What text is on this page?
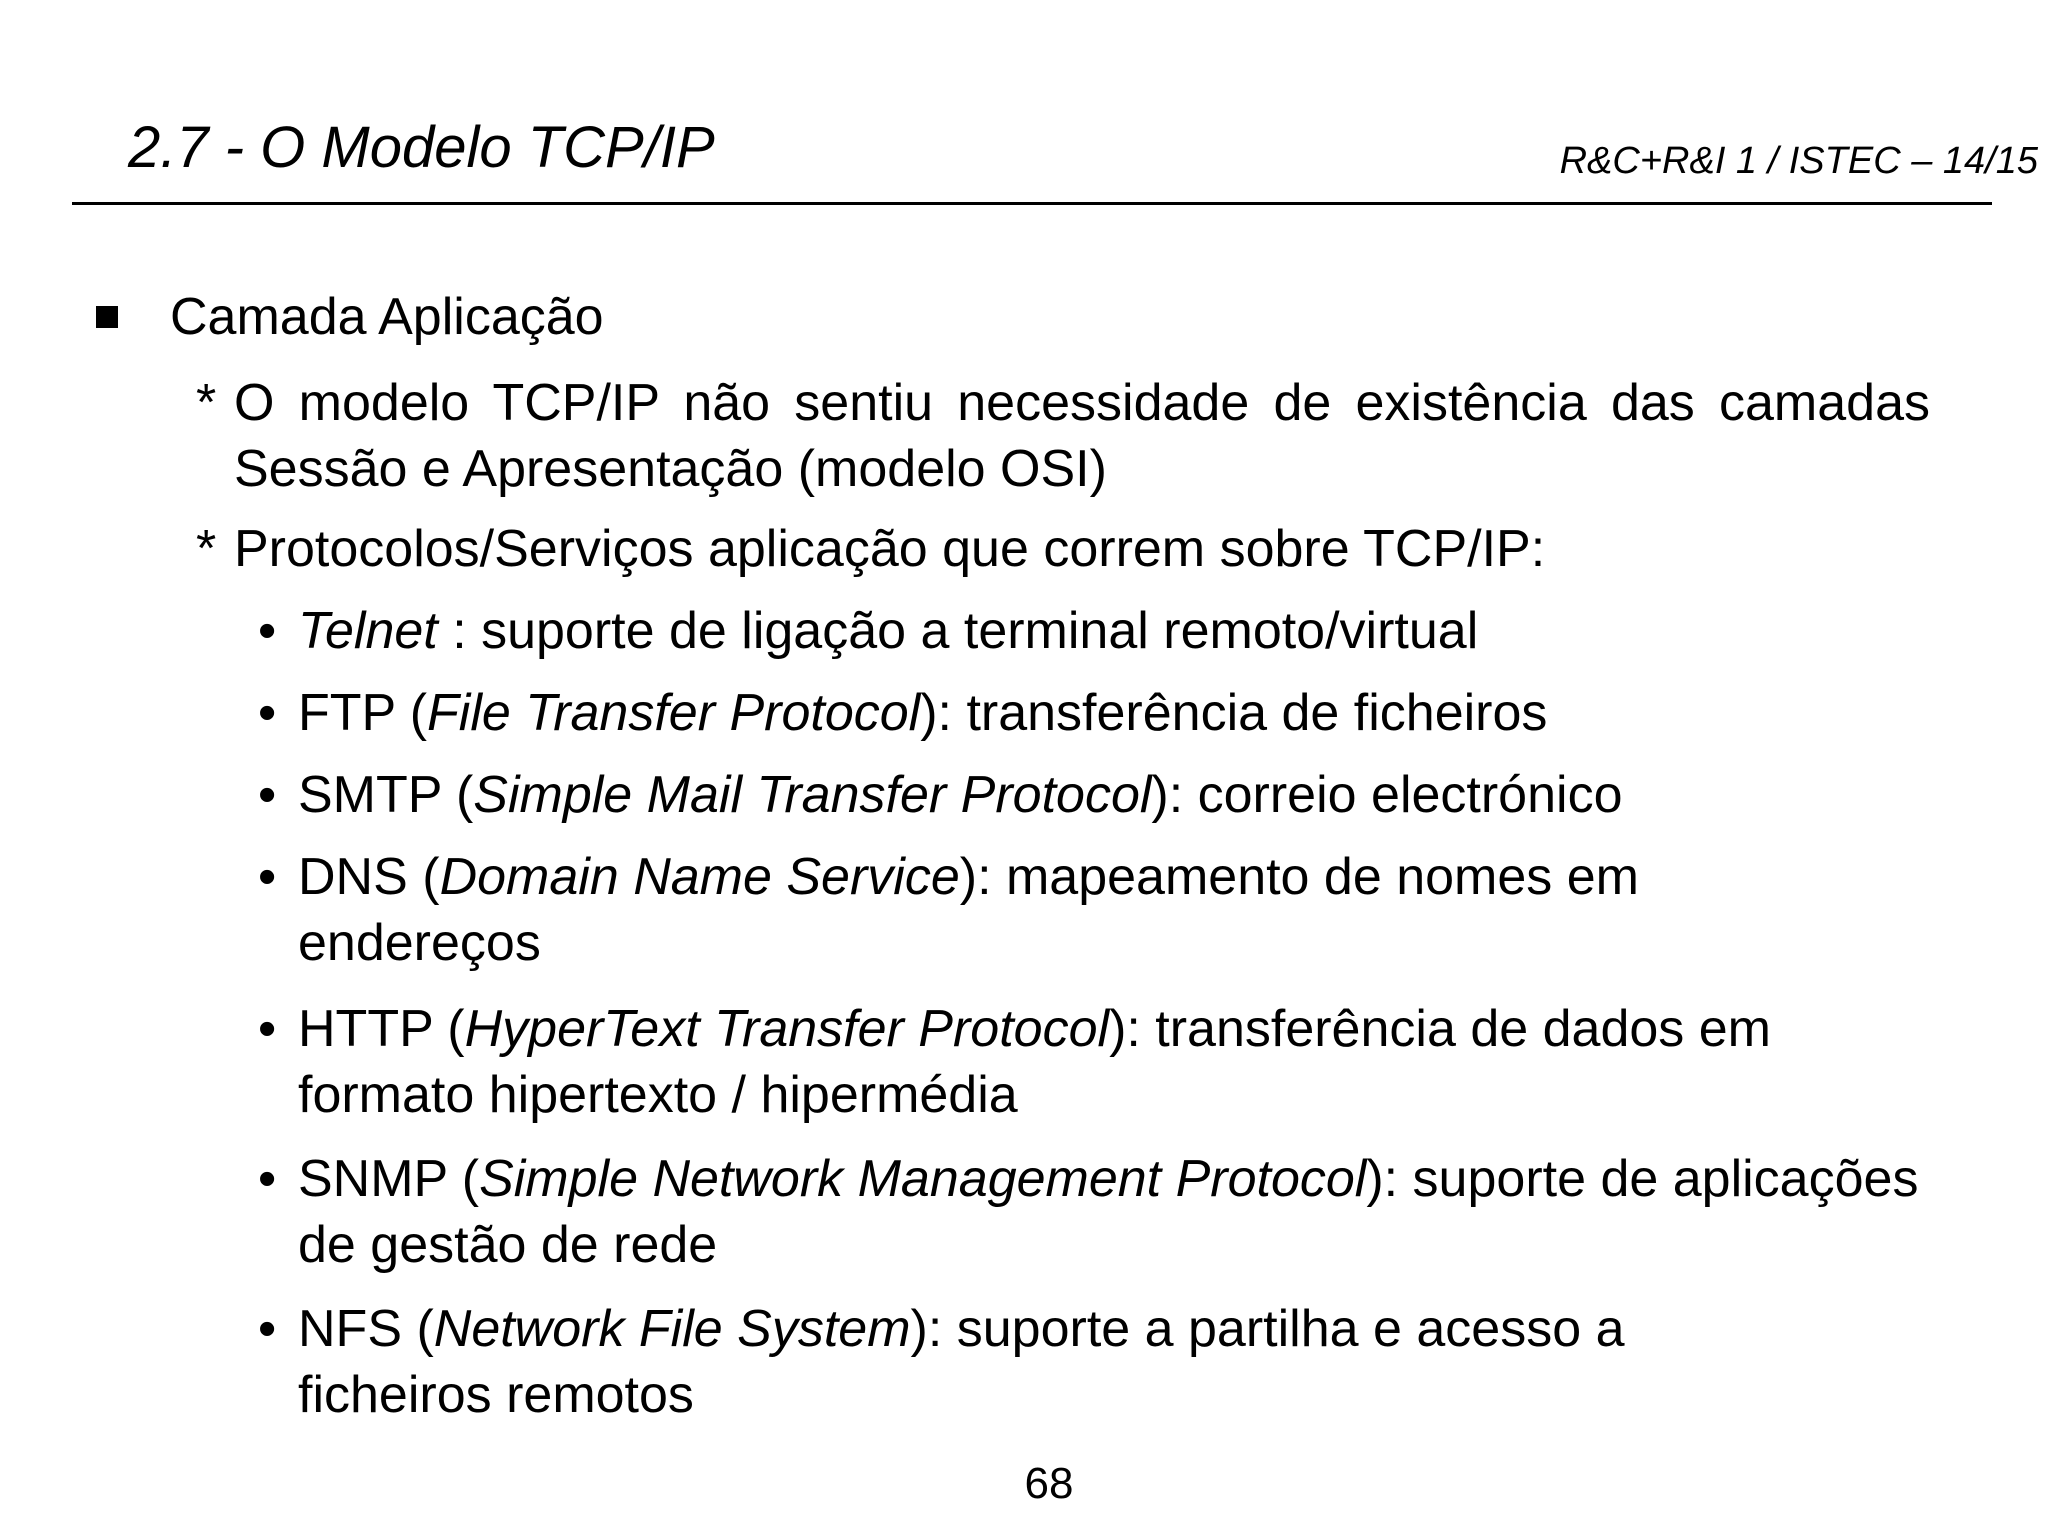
2.7 - O Modelo TCP/IP	R&C+R&I 1 / ISTEC – 14/15
Camada Aplicação
* O modelo TCP/IP não sentiu necessidade de existência das camadas Sessão e Apresentação (modelo OSI)
* Protocolos/Serviços aplicação que correm sobre TCP/IP:
• Telnet : suporte de ligação a terminal remoto/virtual
• FTP (File Transfer Protocol): transferência de ficheiros
• SMTP (Simple Mail Transfer Protocol): correio electrónico
• DNS (Domain Name Service): mapeamento de nomes em endereços
• HTTP (HyperText Transfer Protocol): transferência de dados em formato hipertexto / hipermédia
• SNMP (Simple Network Management Protocol): suporte de aplicações de gestão de rede
• NFS (Network File System): suporte a partilha e acesso a ficheiros remotos
68
